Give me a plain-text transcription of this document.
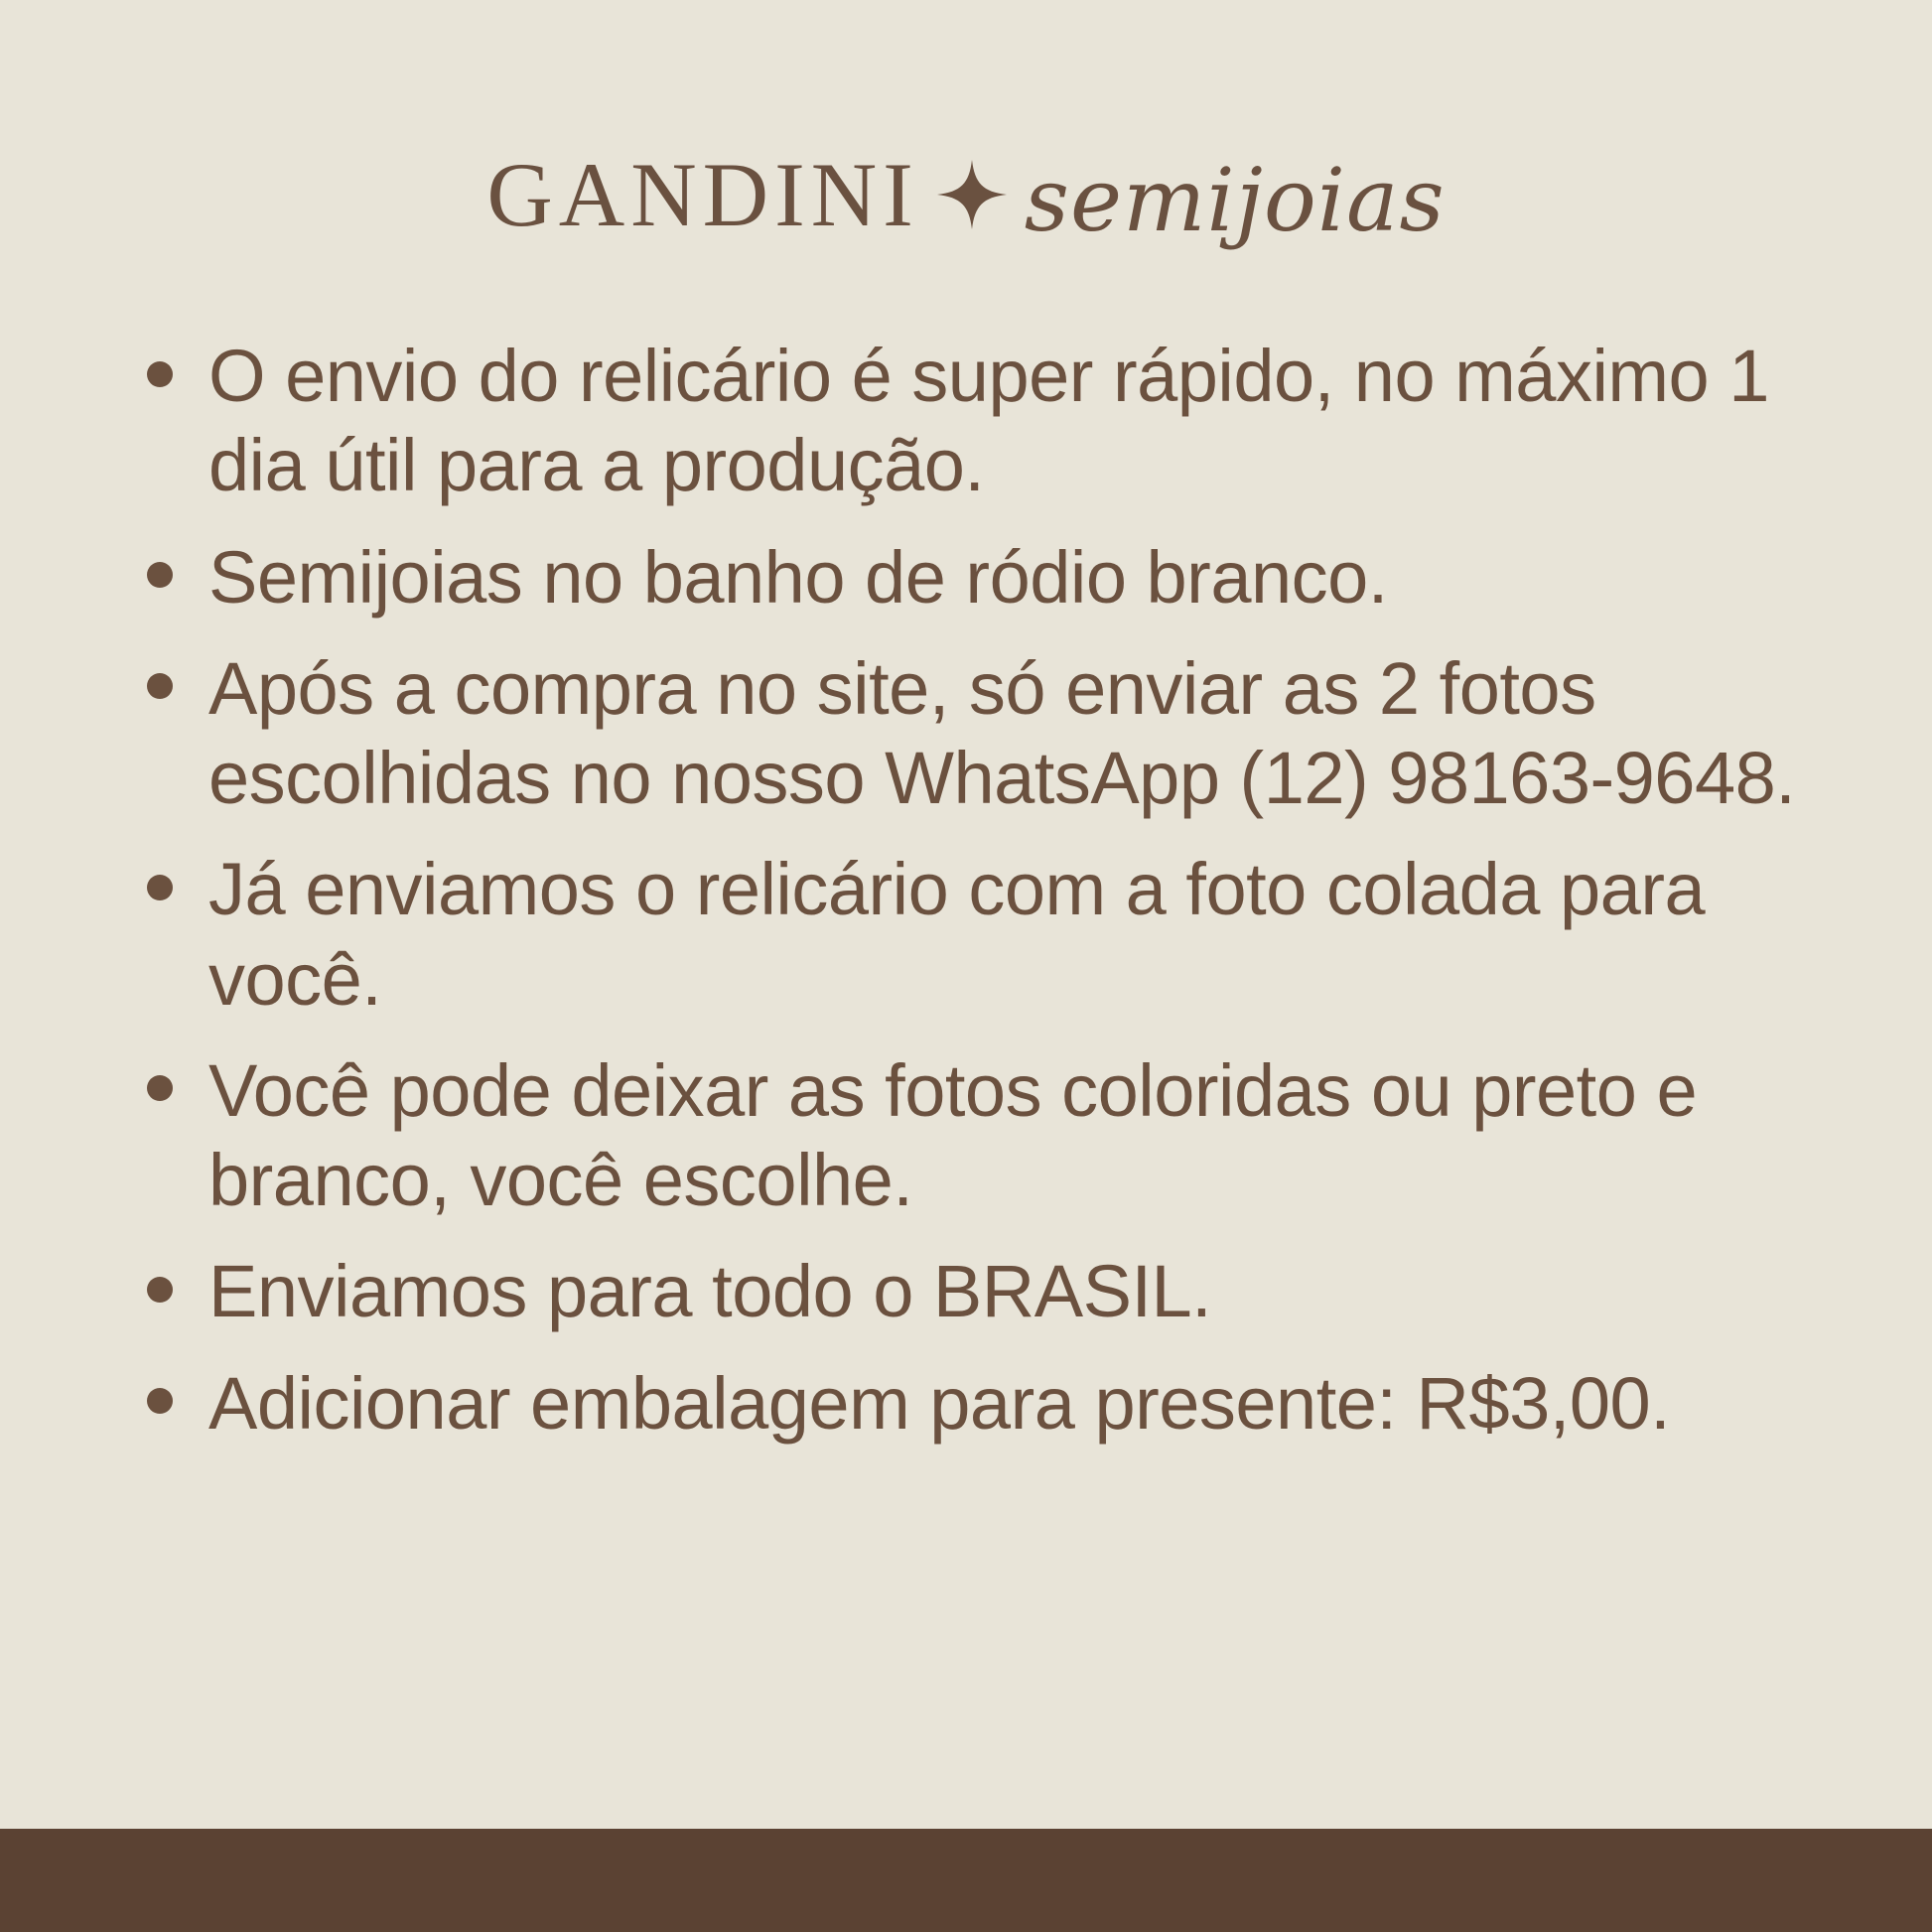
GANDINI semijoias
O envio do relicário é super rápido, no máximo 1 dia útil para a produção.
Semijoias no banho de ródio branco.
Após a compra no site, só enviar as 2 fotos escolhidas no nosso WhatsApp (12) 98163-9648.
Já enviamos o relicário com a foto colada para você.
Você pode deixar as fotos coloridas ou preto e branco, você escolhe.
Enviamos para todo o BRASIL.
Adicionar embalagem para presente: R$3,00.
